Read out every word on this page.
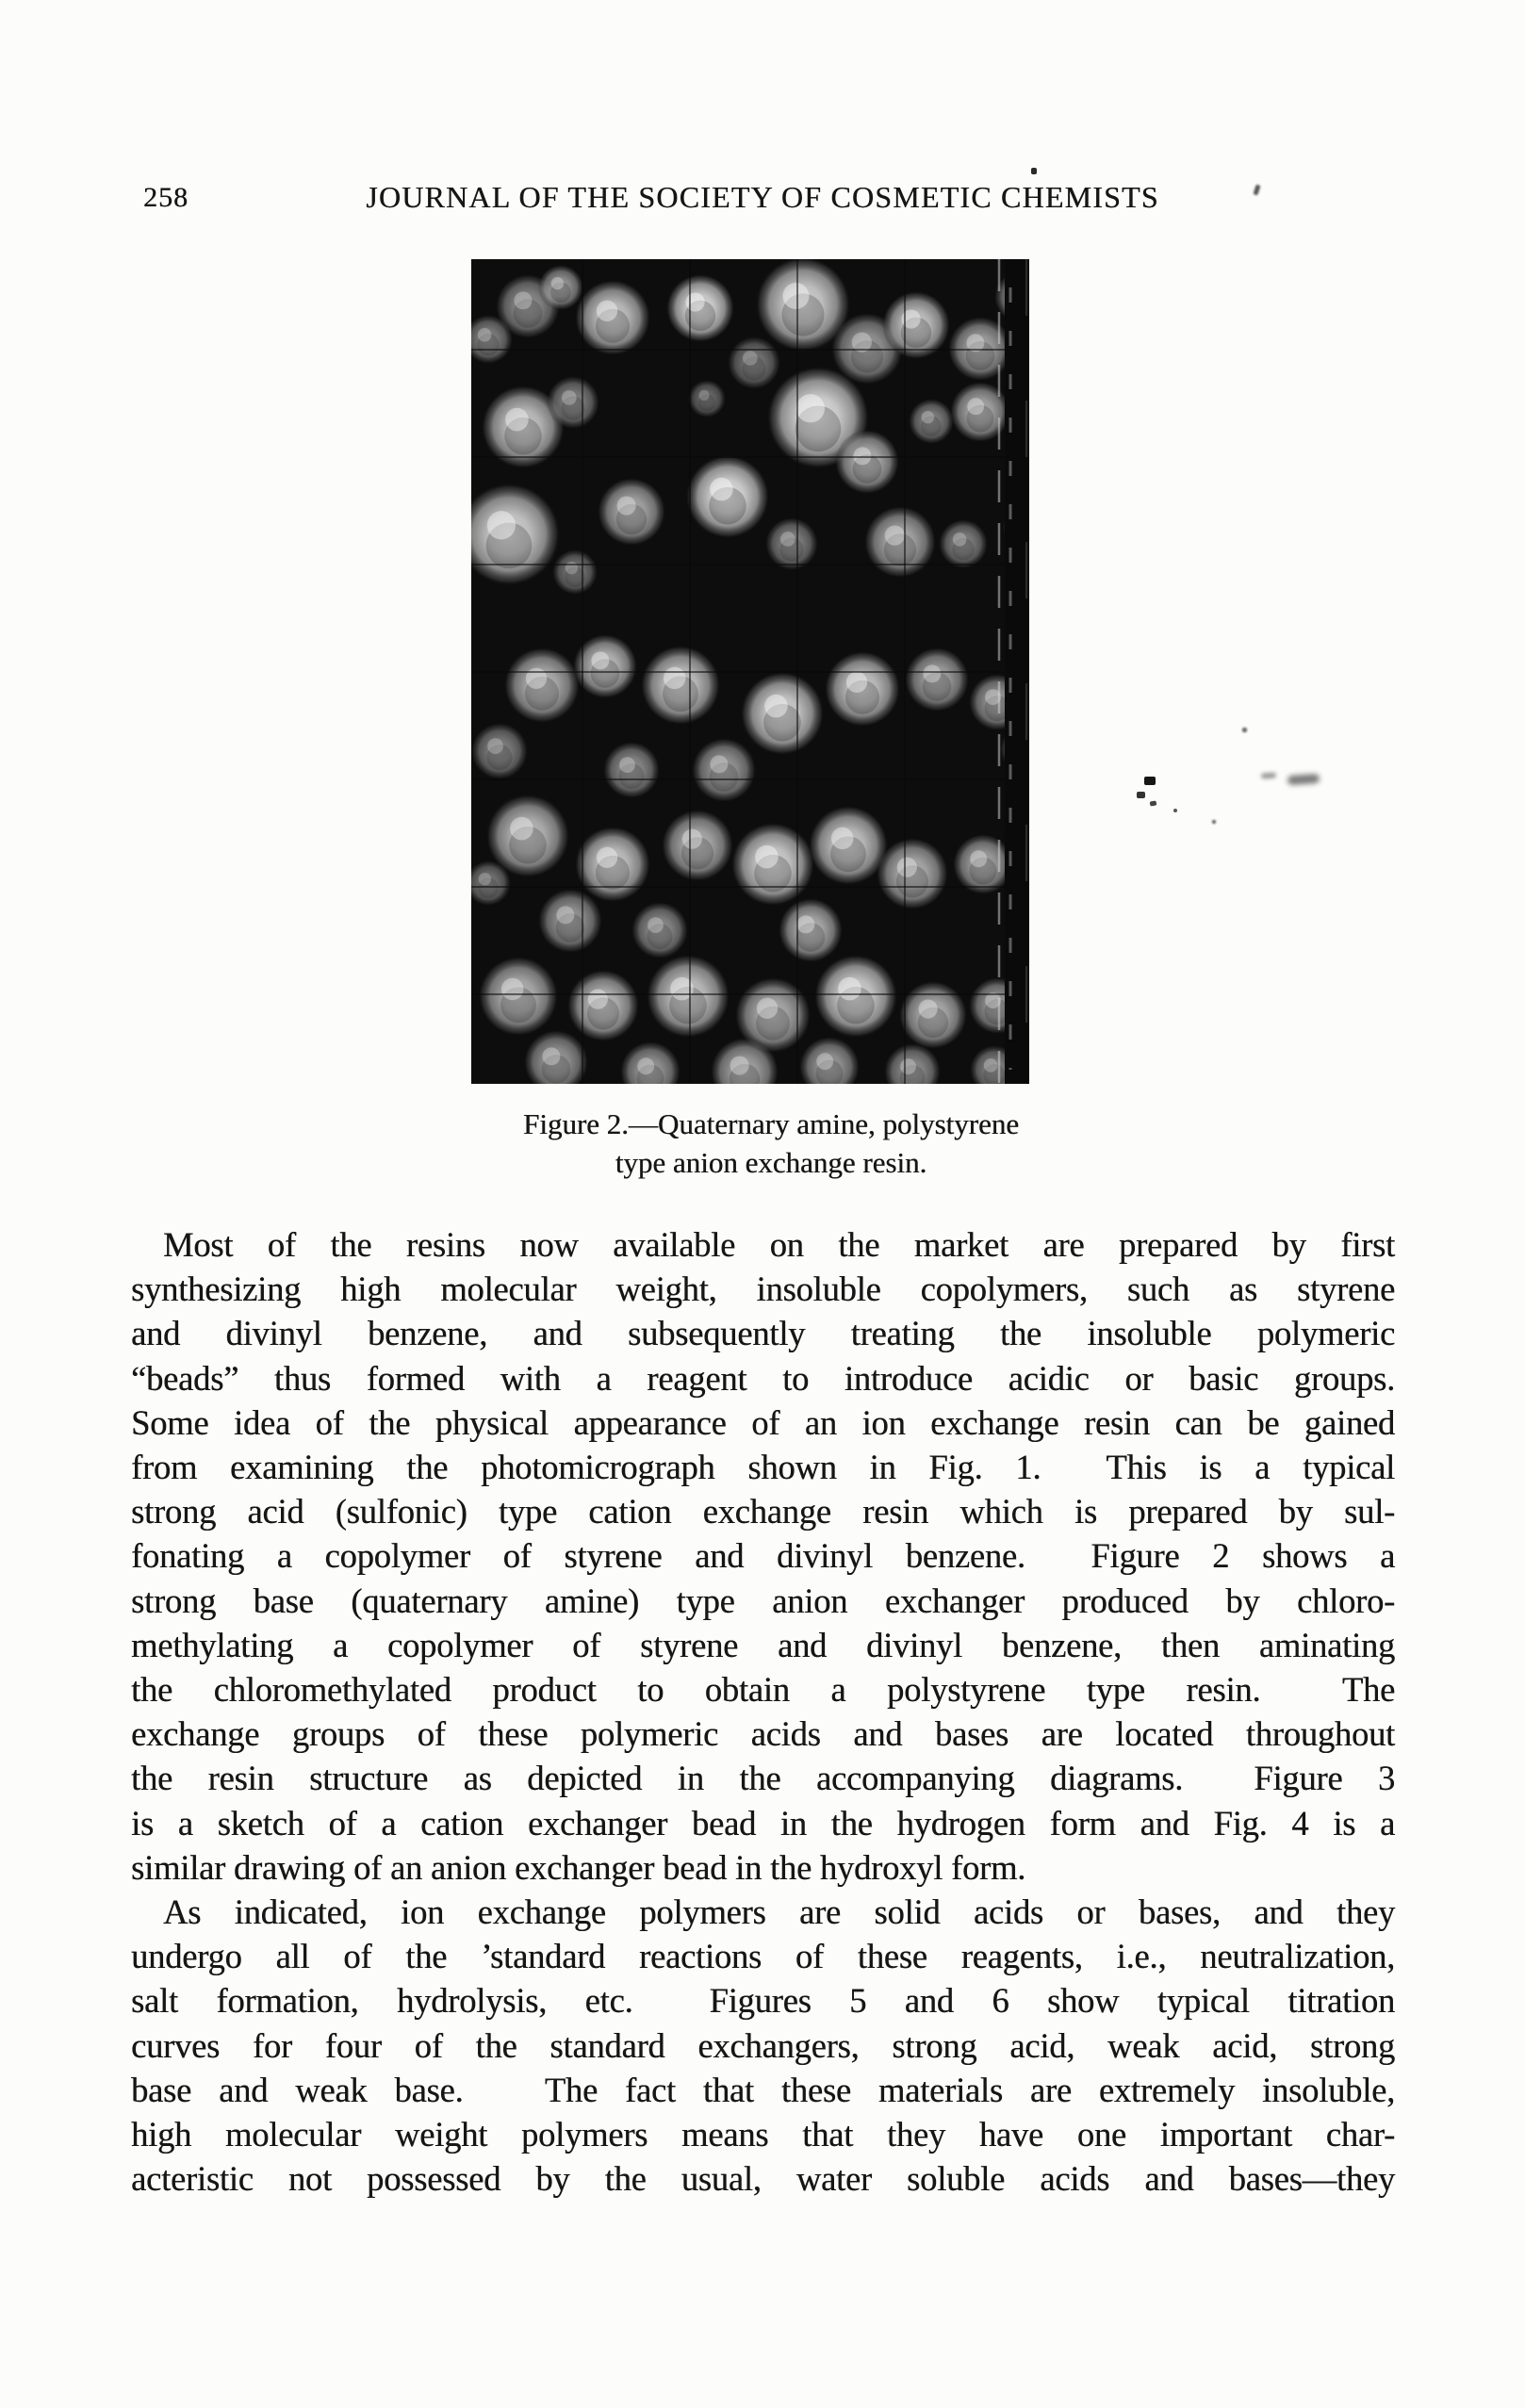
258	JOURNAL OF THE SOCIETY OF COSMETIC CHEMISTS
Figure 2.—Quaternary amine, polystyrene
type anion exchange resin.
Most of the resins now available on the market are prepared by first
synthesizing high molecular weight, insoluble copolymers, such as styrene
and divinyl benzene, and subsequently treating the insoluble polymeric
“beads” thus formed with a reagent to introduce acidic or basic groups.
Some idea of the physical appearance of an ion exchange resin can be gained
from examining the photomicrograph shown in Fig. 1.  This is a typical
strong acid (sulfonic) type cation exchange resin which is prepared by sul-
fonating a copolymer of styrene and divinyl benzene.  Figure 2 shows a
strong base (quaternary amine) type anion exchanger produced by chloro-
methylating a copolymer of styrene and divinyl benzene, then aminating
the chloromethylated product to obtain a polystyrene type resin.  The
exchange groups of these polymeric acids and bases are located throughout
the resin structure as depicted in the accompanying diagrams.  Figure 3
is a sketch of a cation exchanger bead in the hydrogen form and Fig. 4 is a
similar drawing of an anion exchanger bead in the hydroxyl form.
As indicated, ion exchange polymers are solid acids or bases, and they
undergo all of the ’standard reactions of these reagents, i.e., neutralization,
salt formation, hydrolysis, etc.  Figures 5 and 6 show typical titration
curves for four of the standard exchangers, strong acid, weak acid, strong
base and weak base.   The fact that these materials are extremely insoluble,
high molecular weight polymers means that they have one important char-
acteristic not possessed by the usual, water soluble acids and bases—they
